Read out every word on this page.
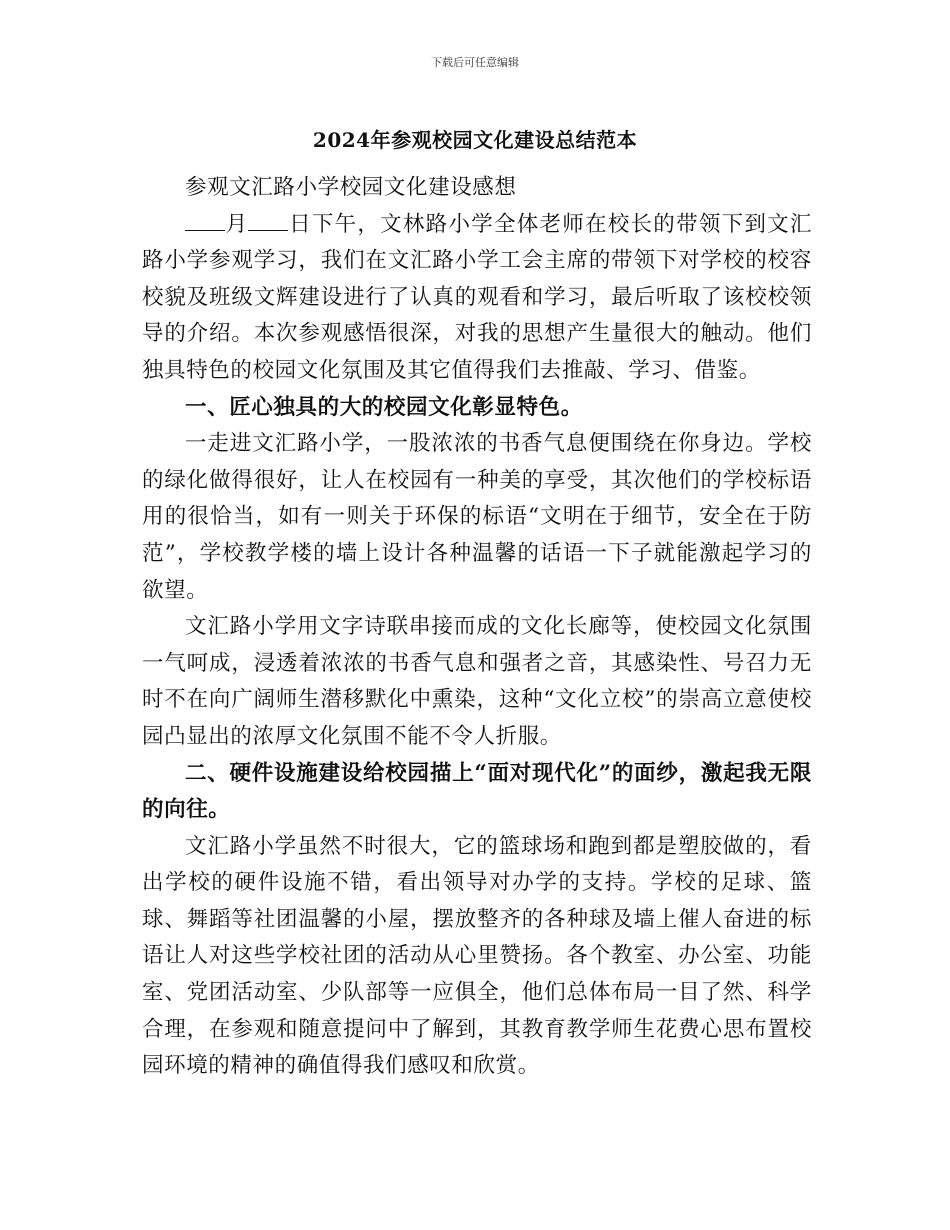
下载后可任意编辑
2024年参观校园文化建设总结范本

参观文汇路小学校园文化建设感想

月 日下午，文林路小学全体老师在校长的带领下到文汇路小学参观学习，我们在文汇路小学工会主席的带领下对学校的校容校貌及班级文辉建设进行了认真的观看和学习，最后听取了该校校领导的介绍。本次参观感悟很深，对我的思想产生量很大的触动。他们独具特色的校园文化氛围及其它值得我们去推敲、学习、借鉴。

一、匠心独具的大的校园文化彰显特色。

一走进文汇路小学，一股浓浓的书香气息便围绕在你身边。学校的绿化做得很好，让人在校园有一种美的享受，其次他们的学校标语用的很恰当，如有一则关于环保的标语“文明在于细节，安全在于防范”，学校教学楼的墙上设计各种温馨的话语一下子就能激起学习的欲望。

文汇路小学用文字诗联串接而成的文化长廊等，使校园文化氛围一气呵成，浸透着浓浓的书香气息和强者之音，其感染性、号召力无时不在向广阔师生潜移默化中熏染，这种“文化立校”的崇高立意使校园凸显出的浓厚文化氛围不能不令人折服。

二、硬件设施建设给校园描上“面对现代化”的面纱，激起我无限的向往。

文汇路小学虽然不时很大，它的篮球场和跑到都是塑胶做的，看出学校的硬件设施不错，看出领导对办学的支持。学校的足球、篮球、舞蹈等社团温馨的小屋，摆放整齐的各种球及墙上催人奋进的标语让人对这些学校社团的活动从心里赞扬。各个教室、办公室、功能室、党团活动室、少队部等一应俱全，他们总体布局一目了然、科学合理，在参观和随意提问中了解到，其教育教学师生花费心思布置校园环境的精神的确值得我们感叹和欣赏。
